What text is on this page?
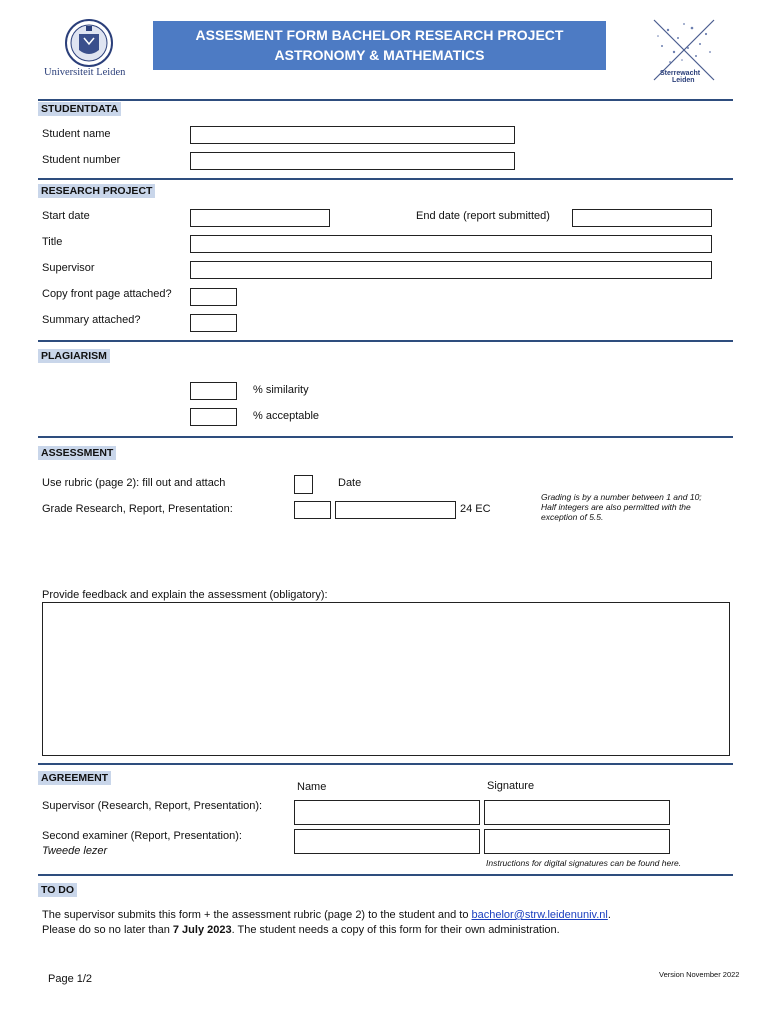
Universiteit Leiden
ASSESMENT FORM BACHELOR RESEARCH PROJECT
ASTRONOMY & MATHEMATICS
Sterrewacht
Leiden
STUDENTDATA
Student name
Student number
RESEARCH PROJECT
Start date	End date (report submitted)
Title
Supervisor
Copy front page attached?
Summary attached?
PLAGIARISM
% similarity
% acceptable
ASSESSMENT
Use rubric (page 2): fill out and attach	Date
Grade Research, Report, Presentation:	24 EC
Grading is by a number between 1 and 10;
Half integers are also permitted with the
exception of 5.5.
Provide feedback and explain the assessment (obligatory):
AGREEMENT
Name	Signature
Supervisor (Research, Report, Presentation):
Second examiner (Report, Presentation):
Tweede lezer
Instructions for digital signatures can be found here.
TO DO
The supervisor submits this form + the assessment rubric (page 2) to the student and to bachelor@strw.leidenuniv.nl.
Please do so no later than 7 July 2023. The student needs a copy of this form for their own administration.
Page 1/2	Version November 2022
